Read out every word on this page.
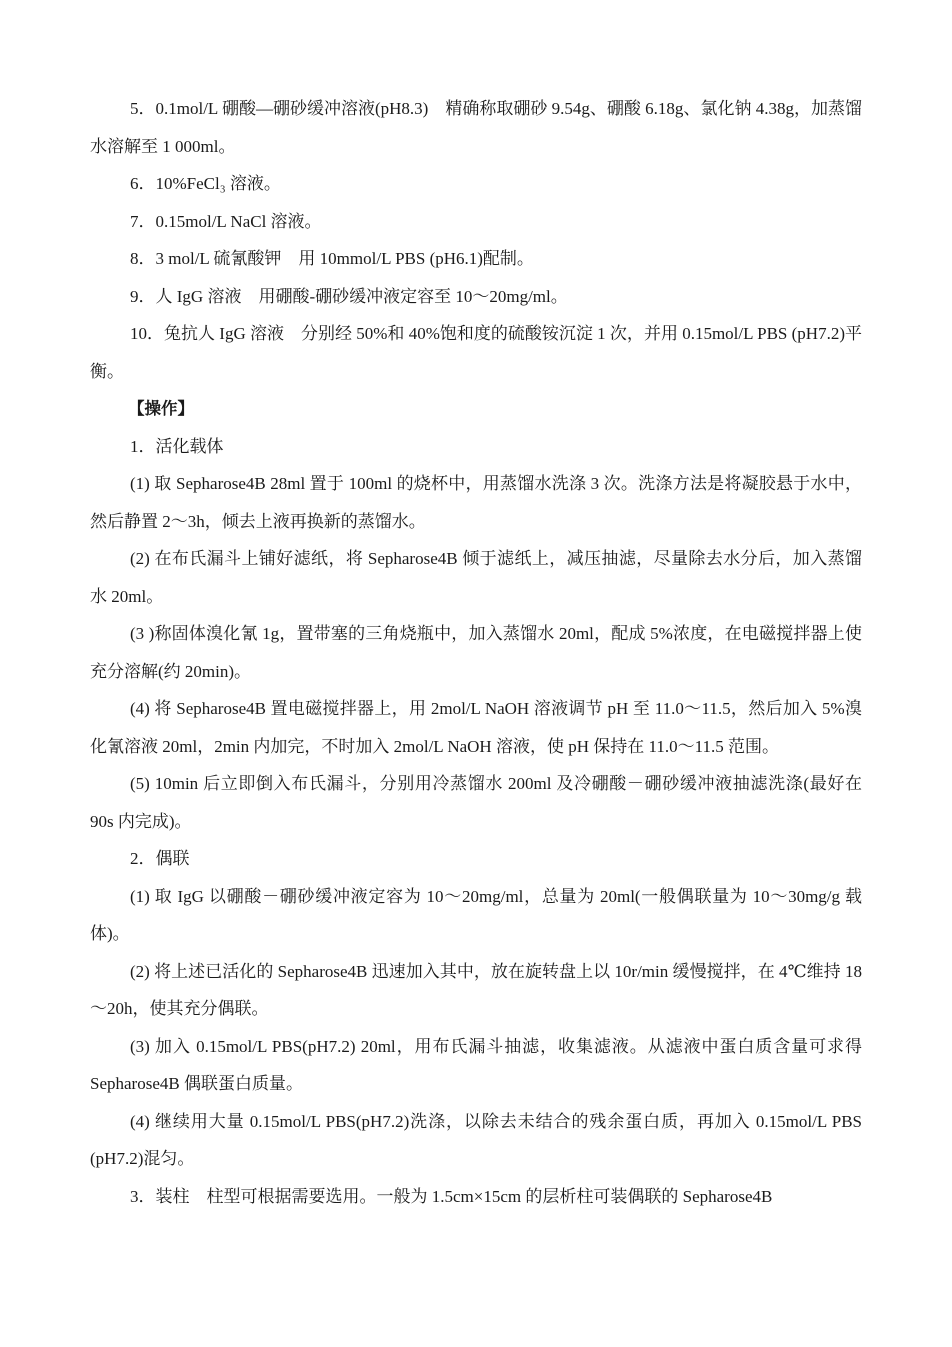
5．0.1mol/L 硼酸—硼砂缓冲溶液(pH8.3)　精确称取硼砂 9.54g、硼酸 6.18g、氯化钠 4.38g，加蒸馏水溶解至 1 000ml。

6．10%FeCl₃ 溶液。

7．0.15mol/L NaCl 溶液。

8．3 mol/L 硫氰酸钾　用 10mmol/L PBS (pH6.1)配制。

9．人 IgG 溶液　用硼酸-硼砂缓冲液定容至 10～20mg/ml。

10．兔抗人 IgG 溶液　分别经 50%和 40%饱和度的硫酸铵沉淀 1 次，并用 0.15mol/L PBS (pH7.2)平衡。

【操作】

1．活化载体

(1) 取 Sepharose4B 28ml 置于 100ml 的烧杯中，用蒸馏水洗涤 3 次。洗涤方法是将凝胶悬于水中，然后静置 2～3h，倾去上液再换新的蒸馏水。

(2) 在布氏漏斗上铺好滤纸，将 Sepharose4B 倾于滤纸上，减压抽滤，尽量除去水分后，加入蒸馏水 20ml。

(3 )称固体溴化氰 1g，置带塞的三角烧瓶中，加入蒸馏水 20ml，配成 5%浓度，在电磁搅拌器上使充分溶解(约 20min)。

(4) 将 Sepharose4B 置电磁搅拌器上，用 2mol/L NaOH 溶液调节 pH 至 11.0～11.5，然后加入 5%溴化氰溶液 20ml，2min 内加完，不时加入 2mol/L NaOH 溶液，使 pH 保持在 11.0～11.5 范围。

(5) 10min 后立即倒入布氏漏斗，分别用冷蒸馏水 200ml 及冷硼酸－硼砂缓冲液抽滤洗涤(最好在 90s 内完成)。

2．偶联

(1) 取 IgG 以硼酸－硼砂缓冲液定容为 10～20mg/ml，总量为 20ml(一般偶联量为 10～30mg/g 载体)。

(2) 将上述已活化的 Sepharose4B 迅速加入其中，放在旋转盘上以 10r/min 缓慢搅拌，在 4℃维持 18～20h，使其充分偶联。

(3) 加入 0.15mol/L PBS(pH7.2) 20ml，用布氏漏斗抽滤，收集滤液。从滤液中蛋白质含量可求得 Sepharose4B 偶联蛋白质量。

(4) 继续用大量 0.15mol/L PBS(pH7.2)洗涤，以除去未结合的残余蛋白质，再加入 0.15mol/L PBS (pH7.2)混匀。

3．装柱　柱型可根据需要选用。一般为 1.5cm×15cm 的层析柱可装偶联的 Sepharose4B
